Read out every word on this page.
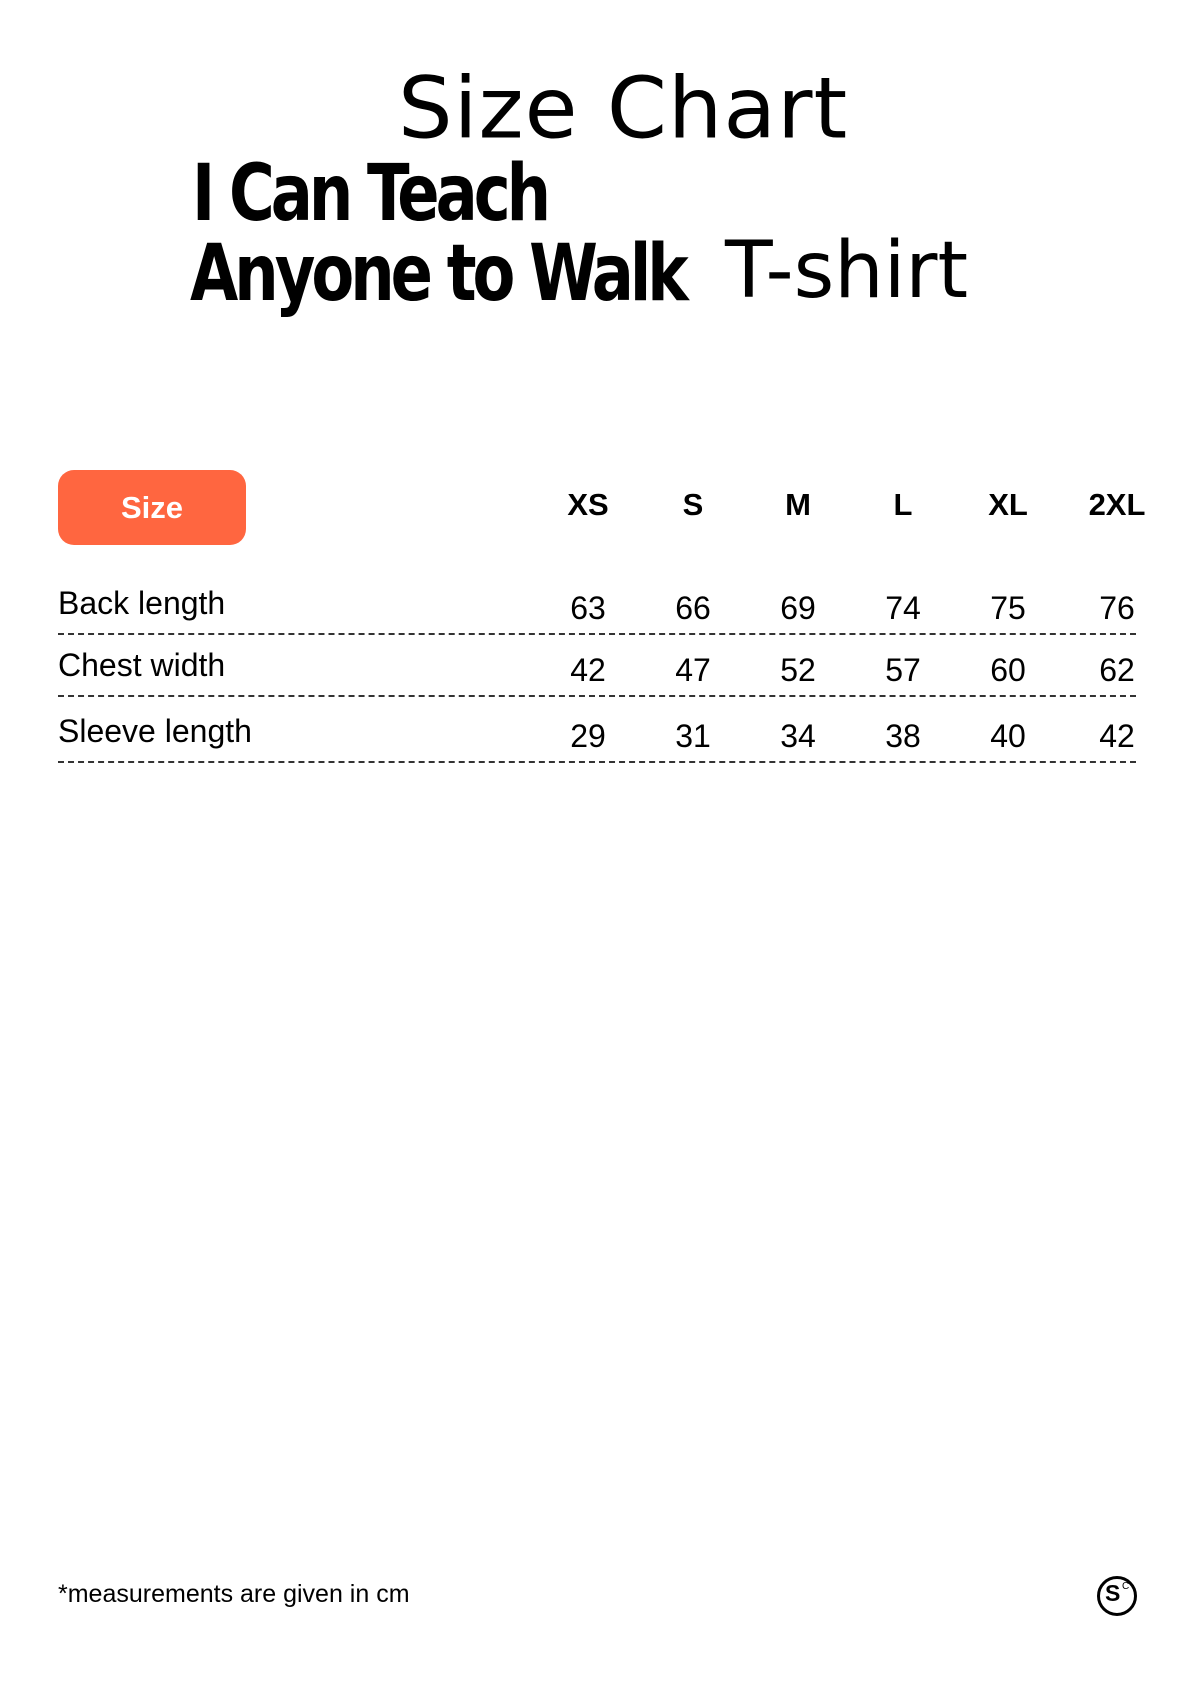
Size Chart
I Can Teach
Anyone to Walk T-shirt
Size	XS	S	M	L	XL	2XL
Back length	63	66	69	74	75	76
Chest width	42	47	52	57	60	62
Sleeve length	29	31	34	38	40	42
*measurements are given in cm	S C
